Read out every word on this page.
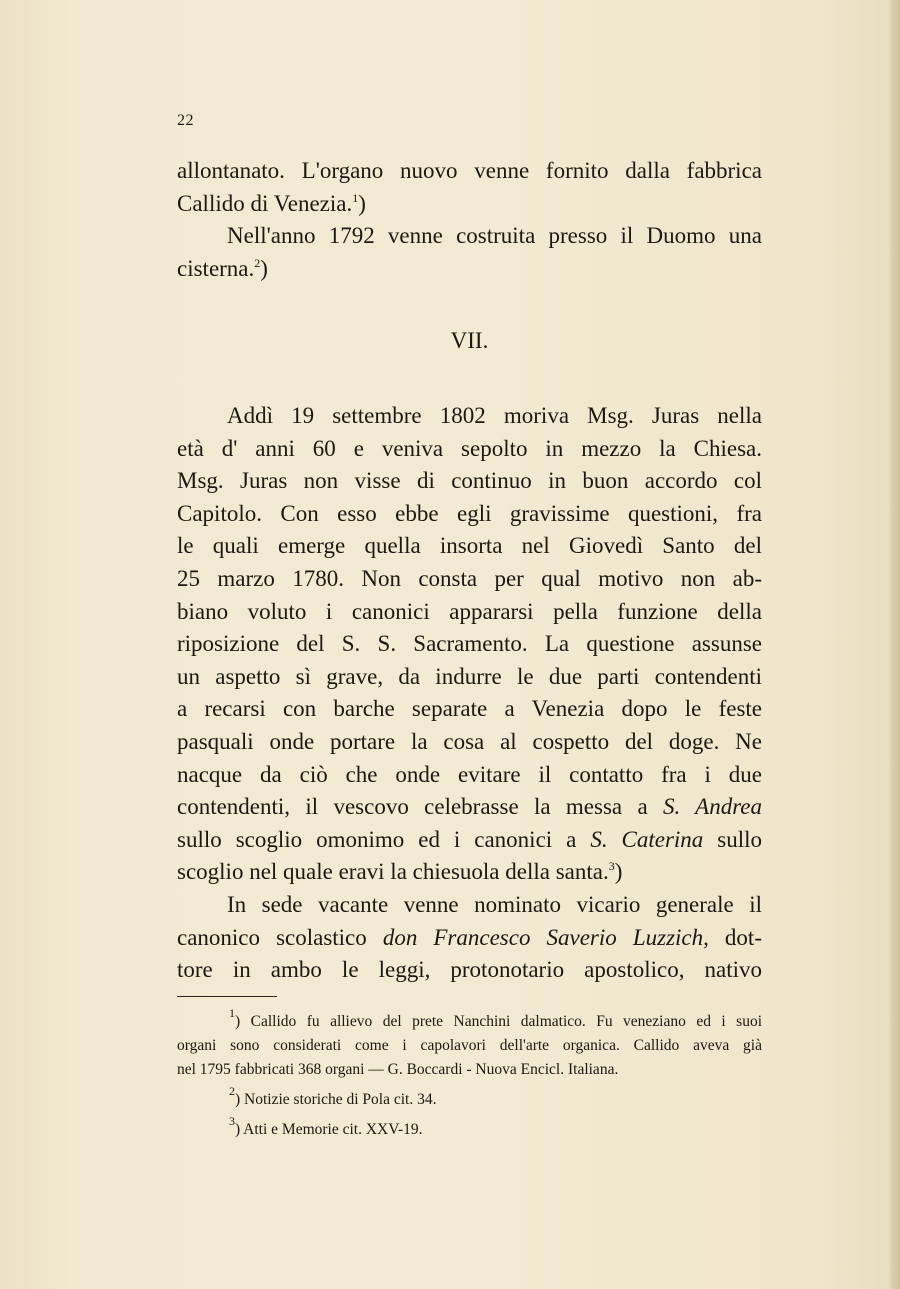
22
allontanato. L'organo nuovo venne fornito dalla fabbrica
Callido di Venezia.$^1$)
Nell'anno 1792 venne costruita presso il Duomo una
cisterna.$^2$)
VII.
Addì 19 settembre 1802 moriva Msg. Juras nella
età d' anni 60 e veniva sepolto in mezzo la Chiesa.
Msg. Juras non visse di continuo in buon accordo col
Capitolo. Con esso ebbe egli gravissime questioni, fra
le quali emerge quella insorta nel Giovedì Santo del
25 marzo 1780. Non consta per qual motivo non ab-
biano voluto i canonici appararsi pella funzione della
riposizione del S. S. Sacramento. La questione assunse
un aspetto sì grave, da indurre le due parti contendenti
a recarsi con barche separate a Venezia dopo le feste
pasquali onde portare la cosa al cospetto del doge. Ne
nacque da ciò che onde evitare il contatto fra i due
contendenti, il vescovo celebrasse la messa a S. Andrea
sullo scoglio omonimo ed i canonici a S. Caterina sullo
scoglio nel quale eravi la chiesuola della santa.$^3$)
In sede vacante venne nominato vicario generale il
canonico scolastico don Francesco Saverio Luzzich, dot-
tore in ambo le leggi, protonotario apostolico, nativo
$^1$) Callido fu allievo del prete Nanchini dalmatico. Fu veneziano ed i suoi
organi sono considerati come i capolavori dell'arte organica. Callido aveva già
nel 1795 fabbricati 368 organi — G. Boccardi - Nuova Encicl. Italiana.
$^2$) Notizie storiche di Pola cit. 34.
$^3$) Atti e Memorie cit. XXV-19.
